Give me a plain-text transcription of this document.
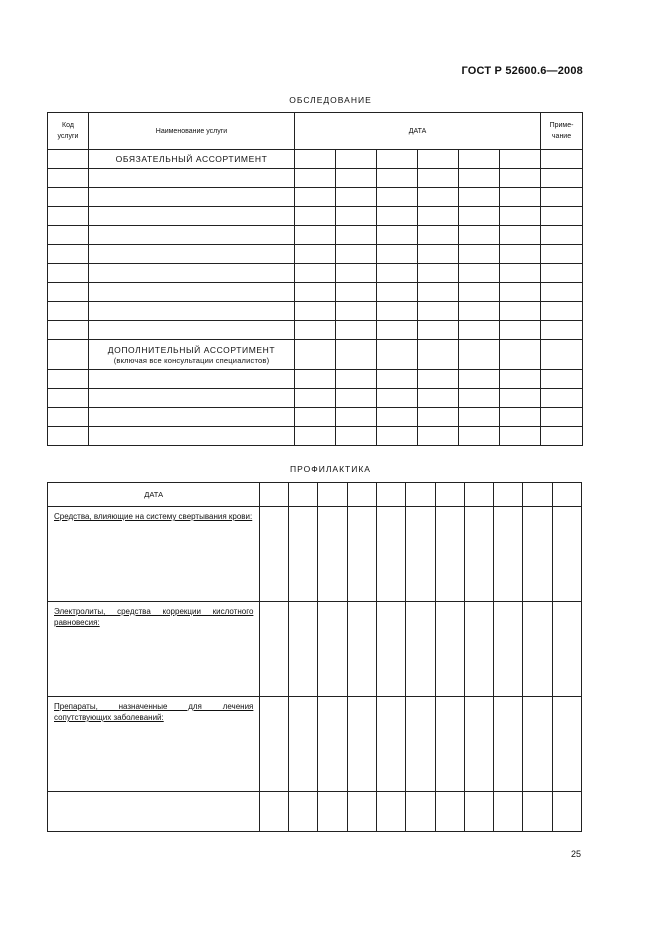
ГОСТ Р 52600.6—2008
ОБСЛЕДОВАНИЕ
Код услуги	Наименование услуги	ДАТА						Приме-чание
	ОБЯЗАТЕЛЬНЫЙ АССОРТИМЕНТ							

	ДОПОЛНИТЕЛЬНЫЙ АССОРТИМЕНТ
(включая все консультации специалистов)							

ПРОФИЛАКТИКА
ДАТА											
Средства, влияющие на систему свертывания крови:											
Электролиты, средства коррекции кислотного равновесия:											
Препараты, назначенные для лечения сопутствующих заболеваний:											

25
